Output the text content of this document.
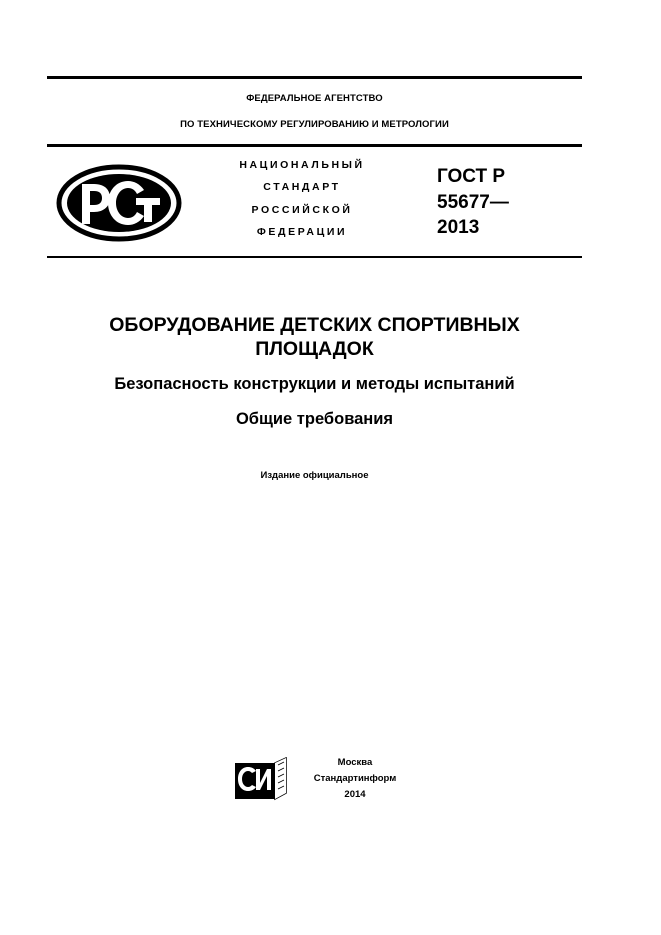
ФЕДЕРАЛЬНОЕ АГЕНТСТВО
ПО ТЕХНИЧЕСКОМУ РЕГУЛИРОВАНИЮ И МЕТРОЛОГИИ
НАЦИОНАЛЬНЫЙ
СТАНДАРТ
РОССИЙСКОЙ
ФЕДЕРАЦИИ
ГОСТ Р
55677—
2013
ОБОРУДОВАНИЕ ДЕТСКИХ СПОРТИВНЫХ
ПЛОЩАДОК
Безопасность конструкции и методы испытаний
Общие требования
Издание официальное
Москва
Стандартинформ
2014
